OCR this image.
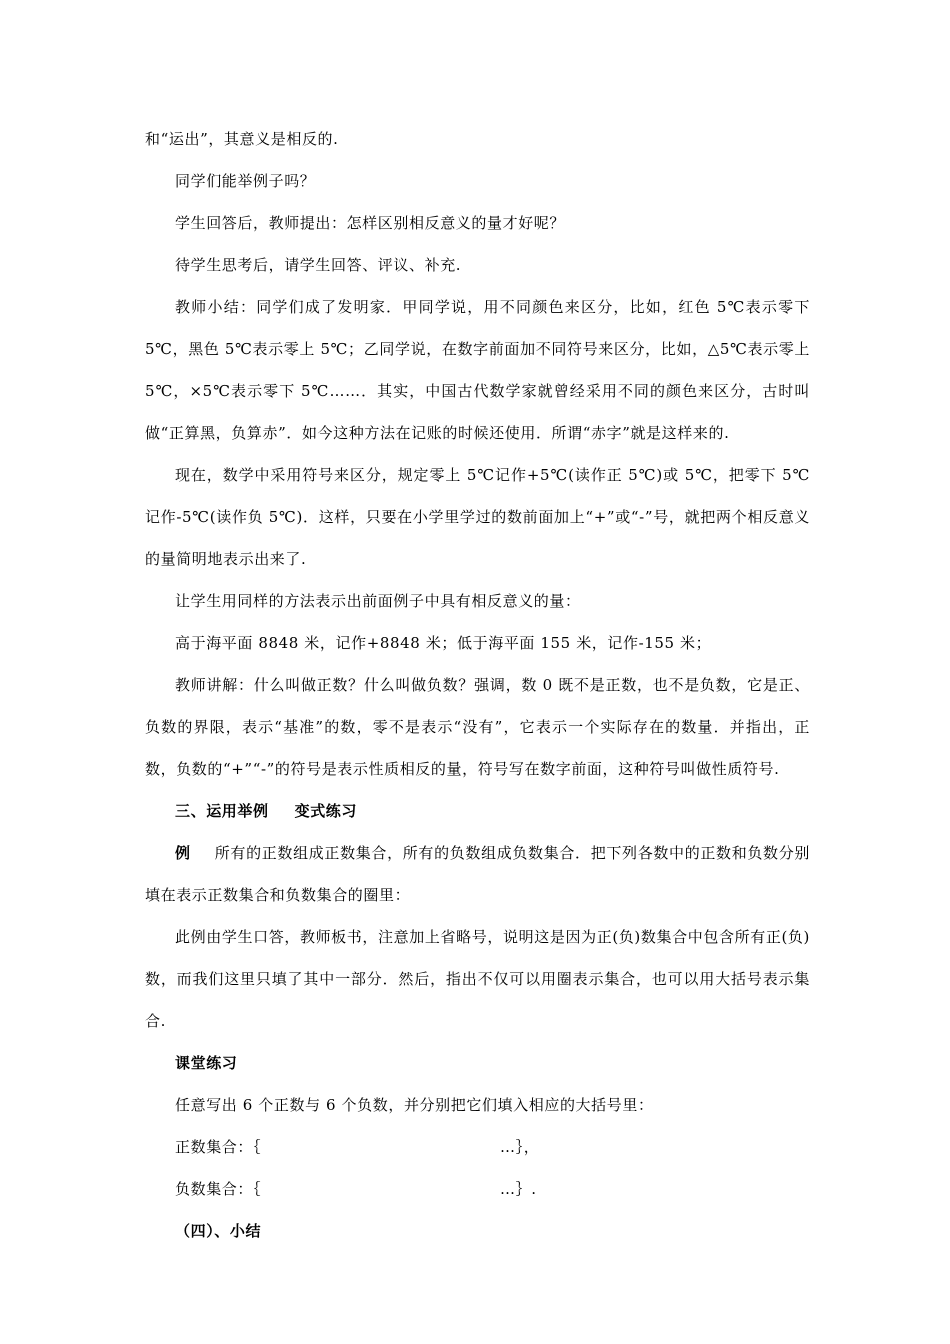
和“运出”，其意义是相反的.

同学们能举例子吗？

学生回答后，教师提出：怎样区别相反意义的量才好呢？

待学生思考后，请学生回答、评议、补充.

教师小结：同学们成了发明家．甲同学说，用不同颜色来区分，比如，红色 5℃表示零下 5℃，黑色 5℃表示零上 5℃；乙同学说，在数字前面加不同符号来区分，比如，△5℃表示零上 5℃，×5℃表示零下 5℃……．其实，中国古代数学家就曾经采用不同的颜色来区分，古时叫做“正算黑，负算赤”．如今这种方法在记账的时候还使用．所谓“赤字”就是这样来的.

现在，数学中采用符号来区分，规定零上 5℃记作+5℃(读作正 5℃)或 5℃，把零下 5℃记作-5℃(读作负 5℃)．这样，只要在小学里学过的数前面加上“+”或“-”号，就把两个相反意义的量简明地表示出来了.

让学生用同样的方法表示出前面例子中具有相反意义的量：

高于海平面 8848 米，记作+8848 米；低于海平面 155 米，记作-155 米；

教师讲解：什么叫做正数？什么叫做负数？强调，数 0 既不是正数，也不是负数，它是正、负数的界限，表示“基准”的数，零不是表示“没有”，它表示一个实际存在的数量．并指出，正数，负数的“+”“-”的符号是表示性质相反的量，符号写在数字前面，这种符号叫做性质符号.

三、运用举例 变式练习

例 所有的正数组成正数集合，所有的负数组成负数集合．把下列各数中的正数和负数分别填在表示正数集合和负数集合的圈里：

此例由学生口答，教师板书，注意加上省略号，说明这是因为正(负)数集合中包含所有正(负)数，而我们这里只填了其中一部分．然后，指出不仅可以用圈表示集合，也可以用大括号表示集合.

课堂练习

任意写出 6 个正数与 6 个负数，并分别把它们填入相应的大括号里：

正数集合：｛	…｝，
负数集合：｛	…｝.

（四）、小结
